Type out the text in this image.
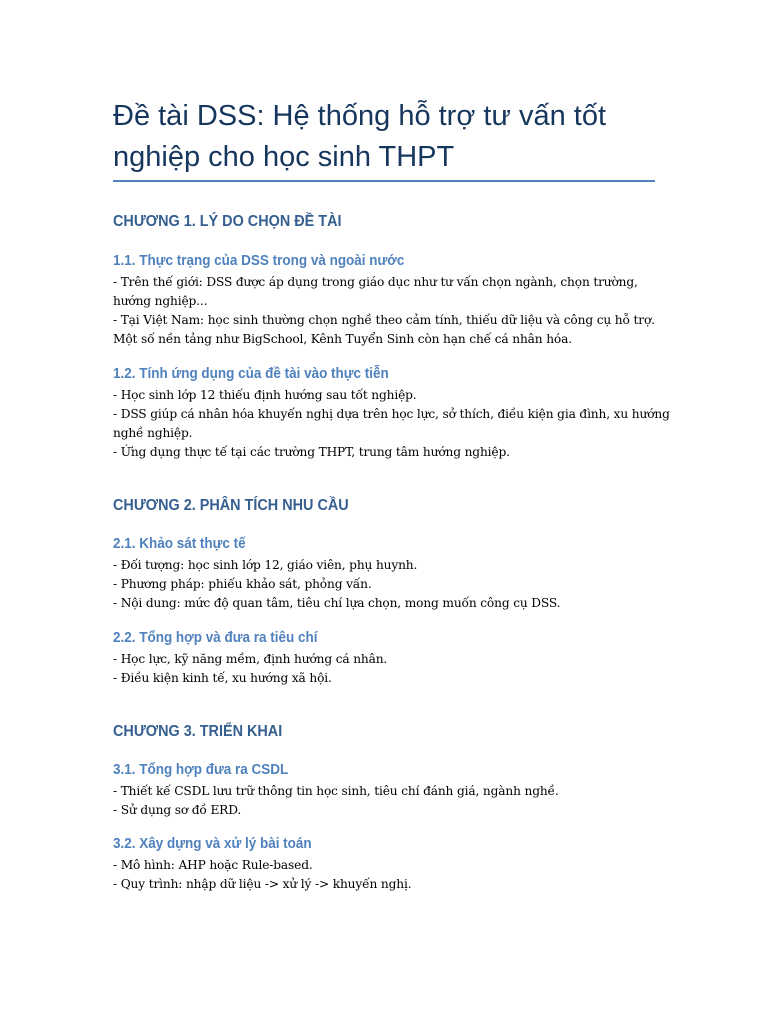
Đề tài DSS: Hệ thống hỗ trợ tư vấn tốt nghiệp cho học sinh THPT
CHƯƠNG 1. LÝ DO CHỌN ĐỀ TÀI
1.1. Thực trạng của DSS trong và ngoài nước
- Trên thế giới: DSS được áp dụng trong giáo dục như tư vấn chọn ngành, chọn trường,
hướng nghiệp...
- Tại Việt Nam: học sinh thường chọn nghề theo cảm tính, thiếu dữ liệu và công cụ hỗ trợ.
Một số nền tảng như BigSchool, Kênh Tuyển Sinh còn hạn chế cá nhân hóa.
1.2. Tính ứng dụng của đề tài vào thực tiễn
- Học sinh lớp 12 thiếu định hướng sau tốt nghiệp.
- DSS giúp cá nhân hóa khuyến nghị dựa trên học lực, sở thích, điều kiện gia đình, xu hướng
nghề nghiệp.
- Ứng dụng thực tế tại các trường THPT, trung tâm hướng nghiệp.
CHƯƠNG 2. PHÂN TÍCH NHU CẦU
2.1. Khảo sát thực tế
- Đối tượng: học sinh lớp 12, giáo viên, phụ huynh.
- Phương pháp: phiếu khảo sát, phỏng vấn.
- Nội dung: mức độ quan tâm, tiêu chí lựa chọn, mong muốn công cụ DSS.
2.2. Tổng hợp và đưa ra tiêu chí
- Học lực, kỹ năng mềm, định hướng cá nhân.
- Điều kiện kinh tế, xu hướng xã hội.
CHƯƠNG 3. TRIỂN KHAI
3.1. Tổng hợp đưa ra CSDL
- Thiết kế CSDL lưu trữ thông tin học sinh, tiêu chí đánh giá, ngành nghề.
- Sử dụng sơ đồ ERD.
3.2. Xây dựng và xử lý bài toán
- Mô hình: AHP hoặc Rule-based.
- Quy trình: nhập dữ liệu -> xử lý -> khuyến nghị.
